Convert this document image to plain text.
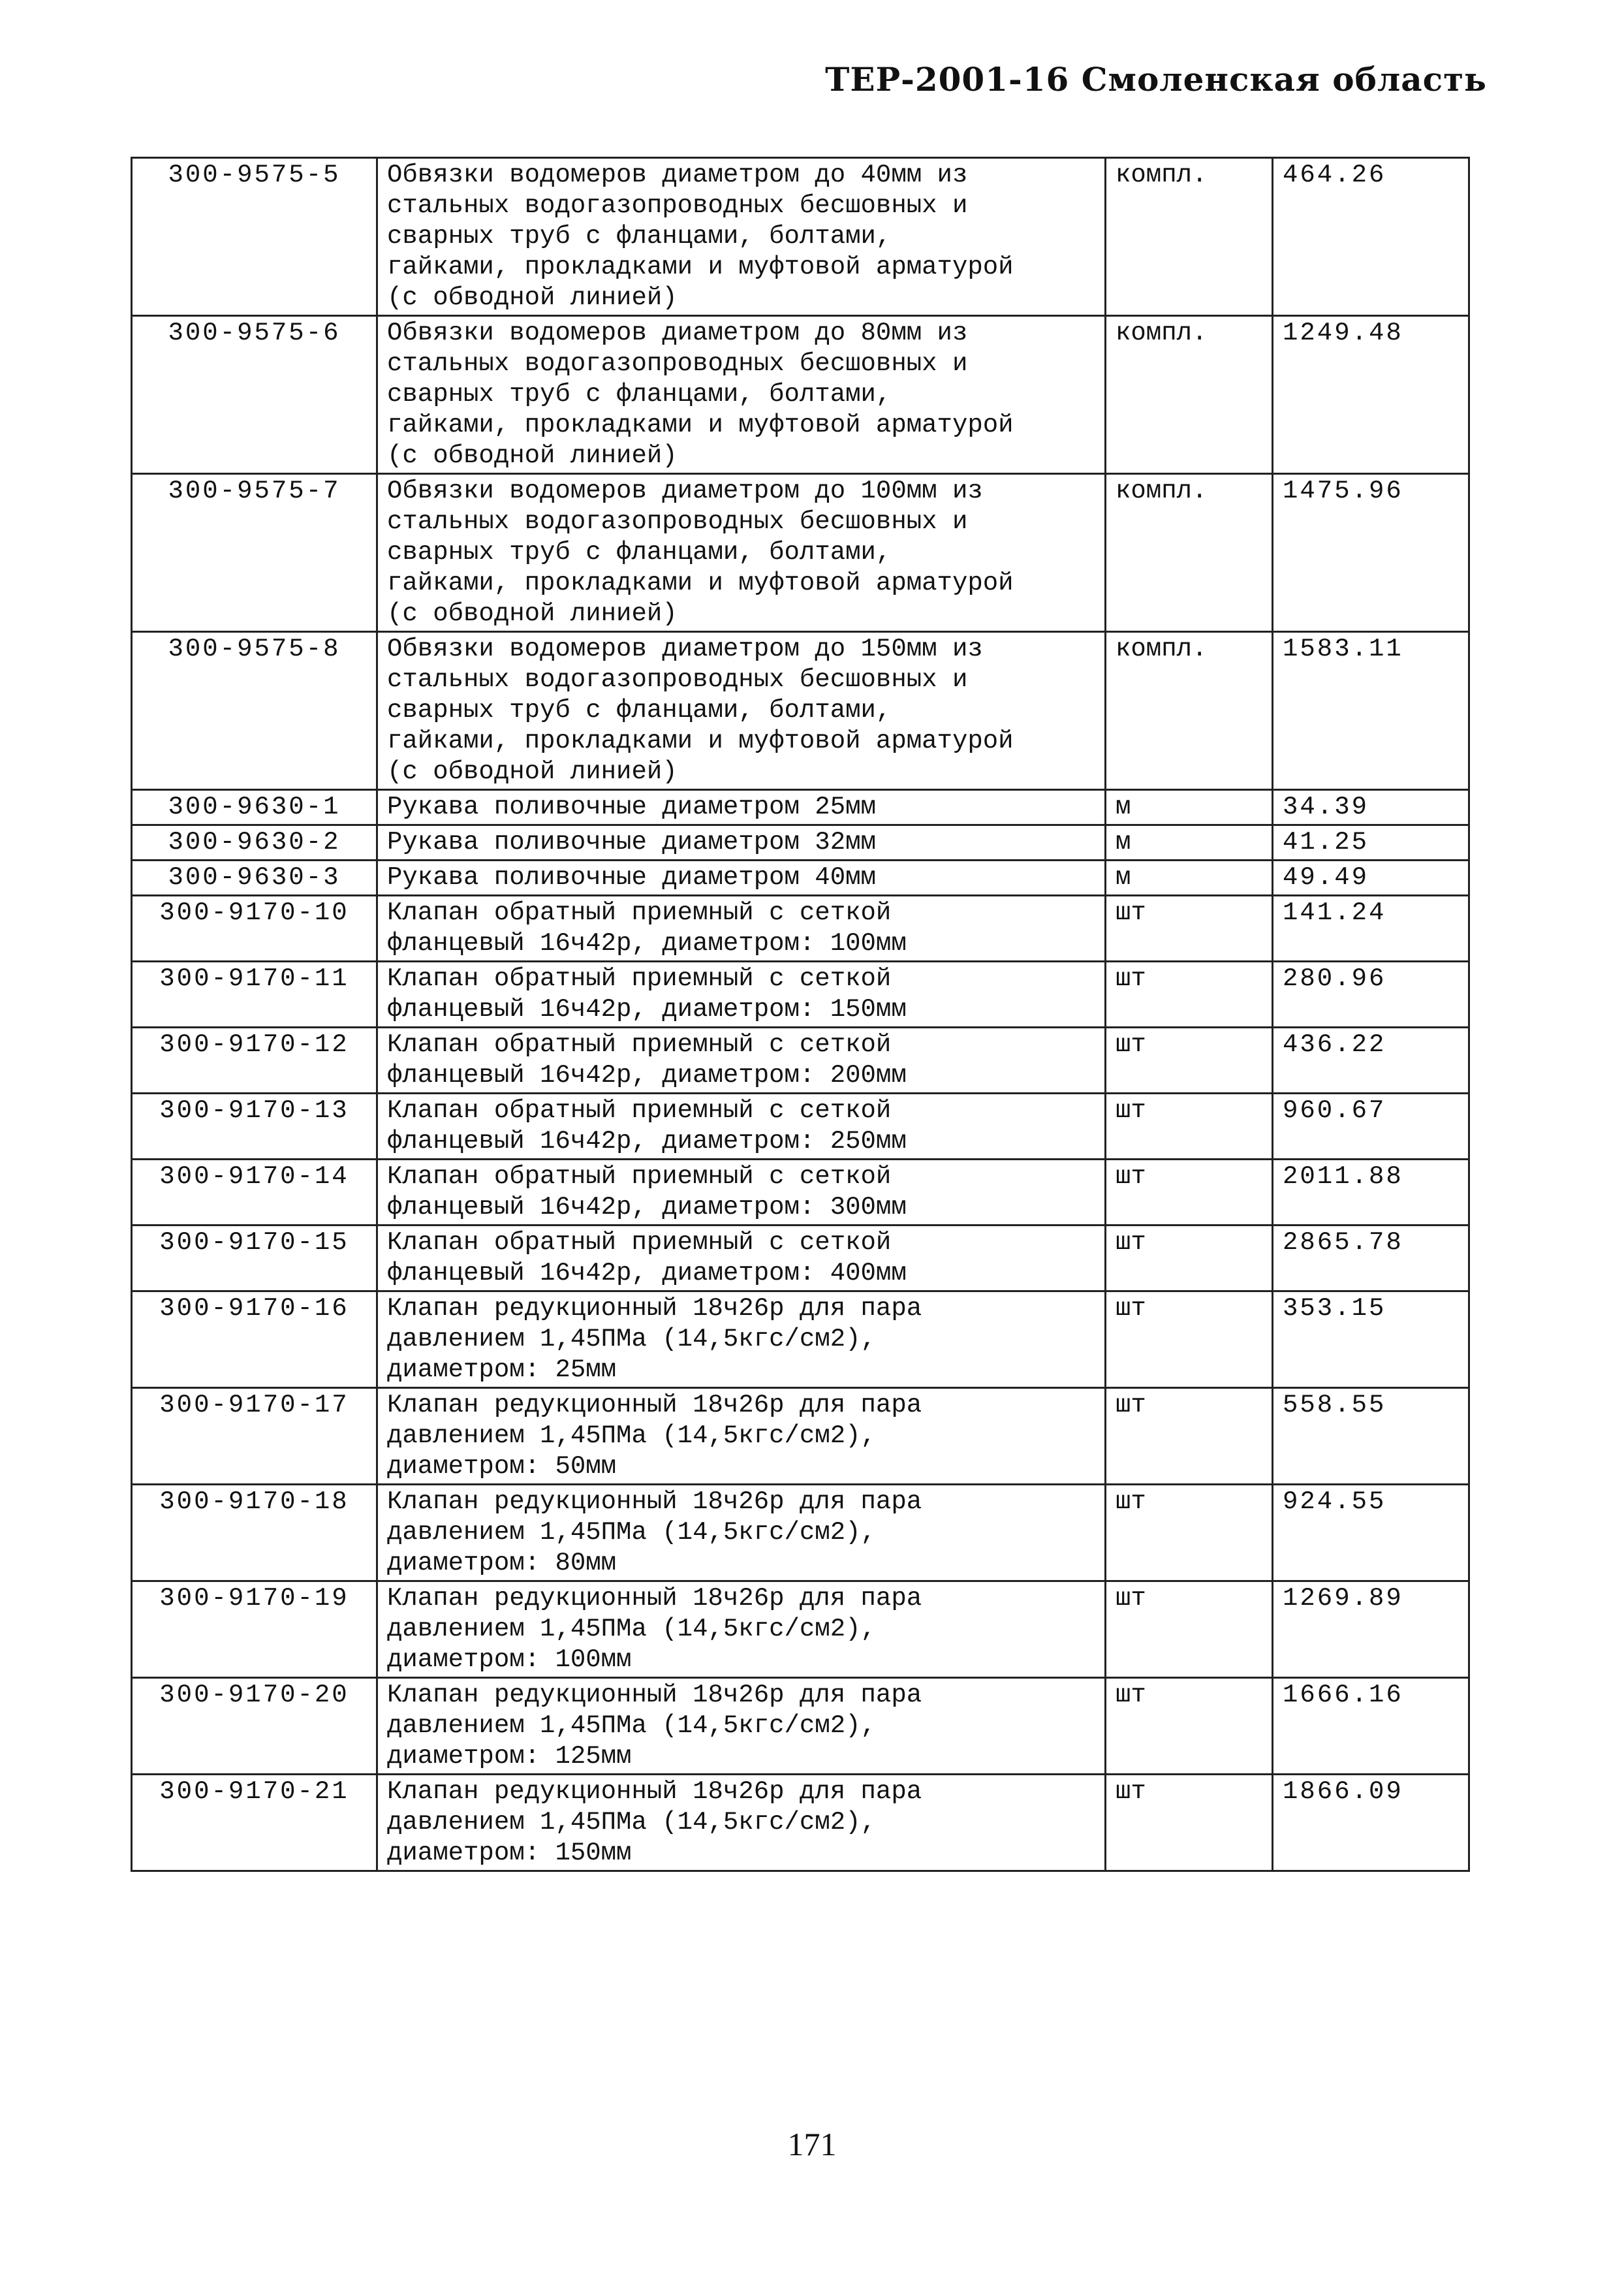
ТЕР-2001-16 Смоленская область
300-9575-5	Обвязки водомеров диаметром до 40мм из
стальных водогазопроводных бесшовных и
сварных труб с фланцами, болтами,
гайками, прокладками и муфтовой арматурой
(с обводной линией)	компл.	464.26
300-9575-6	Обвязки водомеров диаметром до 80мм из
стальных водогазопроводных бесшовных и
сварных труб с фланцами, болтами,
гайками, прокладками и муфтовой арматурой
(с обводной линией)	компл.	1249.48
300-9575-7	Обвязки водомеров диаметром до 100мм из
стальных водогазопроводных бесшовных и
сварных труб с фланцами, болтами,
гайками, прокладками и муфтовой арматурой
(с обводной линией)	компл.	1475.96
300-9575-8	Обвязки водомеров диаметром до 150мм из
стальных водогазопроводных бесшовных и
сварных труб с фланцами, болтами,
гайками, прокладками и муфтовой арматурой
(с обводной линией)	компл.	1583.11
300-9630-1	Рукава поливочные диаметром 25мм	м	34.39
300-9630-2	Рукава поливочные диаметром 32мм	м	41.25
300-9630-3	Рукава поливочные диаметром 40мм	м	49.49
300-9170-10	Клапан обратный приемный с сеткой
фланцевый 16ч42р, диаметром: 100мм	шт	141.24
300-9170-11	Клапан обратный приемный с сеткой
фланцевый 16ч42р, диаметром: 150мм	шт	280.96
300-9170-12	Клапан обратный приемный с сеткой
фланцевый 16ч42р, диаметром: 200мм	шт	436.22
300-9170-13	Клапан обратный приемный с сеткой
фланцевый 16ч42р, диаметром: 250мм	шт	960.67
300-9170-14	Клапан обратный приемный с сеткой
фланцевый 16ч42р, диаметром: 300мм	шт	2011.88
300-9170-15	Клапан обратный приемный с сеткой
фланцевый 16ч42р, диаметром: 400мм	шт	2865.78
300-9170-16	Клапан редукционный 18ч26р для пара
давлением 1,45ПМа (14,5кгс/см2),
диаметром: 25мм	шт	353.15
300-9170-17	Клапан редукционный 18ч26р для пара
давлением 1,45ПМа (14,5кгс/см2),
диаметром: 50мм	шт	558.55
300-9170-18	Клапан редукционный 18ч26р для пара
давлением 1,45ПМа (14,5кгс/см2),
диаметром: 80мм	шт	924.55
300-9170-19	Клапан редукционный 18ч26р для пара
давлением 1,45ПМа (14,5кгс/см2),
диаметром: 100мм	шт	1269.89
300-9170-20	Клапан редукционный 18ч26р для пара
давлением 1,45ПМа (14,5кгс/см2),
диаметром: 125мм	шт	1666.16
300-9170-21	Клапан редукционный 18ч26р для пара
давлением 1,45ПМа (14,5кгс/см2),
диаметром: 150мм	шт	1866.09
171
